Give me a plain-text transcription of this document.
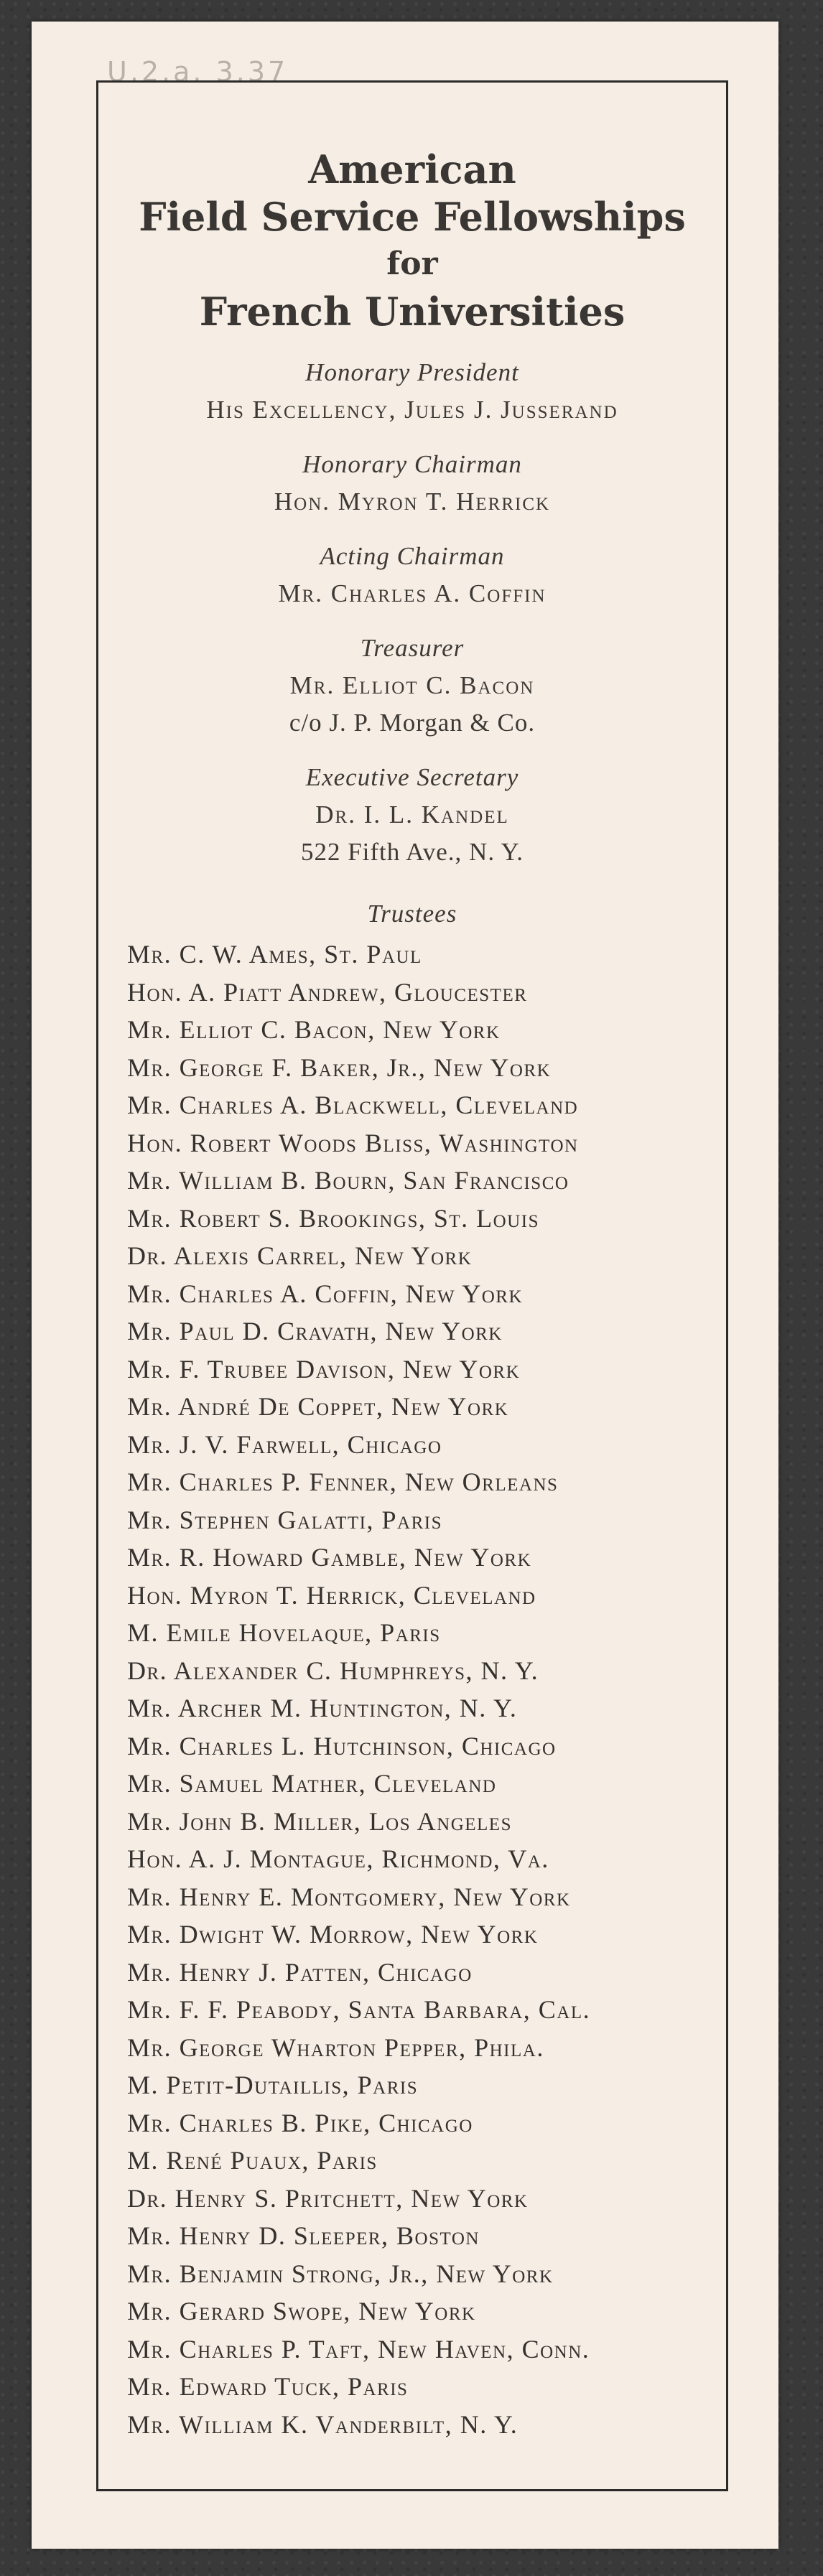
U.2.a. 3.37
American
Field Service Fellowships
for
French Universities
Honorary President
His Excellency, Jules J. Jusserand
Honorary Chairman
Hon. Myron T. Herrick
Acting Chairman
Mr. Charles A. Coffin
Treasurer
Mr. Elliot C. Bacon
c/o J. P. Morgan & Co.
Executive Secretary
Dr. I. L. Kandel
522 Fifth Ave., N. Y.
Trustees
Mr. C. W. Ames, St. Paul
Hon. A. Piatt Andrew, Gloucester
Mr. Elliot C. Bacon, New York
Mr. George F. Baker, Jr., New York
Mr. Charles A. Blackwell, Cleveland
Hon. Robert Woods Bliss, Washington
Mr. William B. Bourn, San Francisco
Mr. Robert S. Brookings, St. Louis
Dr. Alexis Carrel, New York
Mr. Charles A. Coffin, New York
Mr. Paul D. Cravath, New York
Mr. F. Trubee Davison, New York
Mr. André De Coppet, New York
Mr. J. V. Farwell, Chicago
Mr. Charles P. Fenner, New Orleans
Mr. Stephen Galatti, Paris
Mr. R. Howard Gamble, New York
Hon. Myron T. Herrick, Cleveland
M. Emile Hovelaque, Paris
Dr. Alexander C. Humphreys, N. Y.
Mr. Archer M. Huntington, N. Y.
Mr. Charles L. Hutchinson, Chicago
Mr. Samuel Mather, Cleveland
Mr. John B. Miller, Los Angeles
Hon. A. J. Montague, Richmond, Va.
Mr. Henry E. Montgomery, New York
Mr. Dwight W. Morrow, New York
Mr. Henry J. Patten, Chicago
Mr. F. F. Peabody, Santa Barbara, Cal.
Mr. George Wharton Pepper, Phila.
M. Petit-Dutaillis, Paris
Mr. Charles B. Pike, Chicago
M. René Puaux, Paris
Dr. Henry S. Pritchett, New York
Mr. Henry D. Sleeper, Boston
Mr. Benjamin Strong, Jr., New York
Mr. Gerard Swope, New York
Mr. Charles P. Taft, New Haven, Conn.
Mr. Edward Tuck, Paris
Mr. William K. Vanderbilt, N. Y.
